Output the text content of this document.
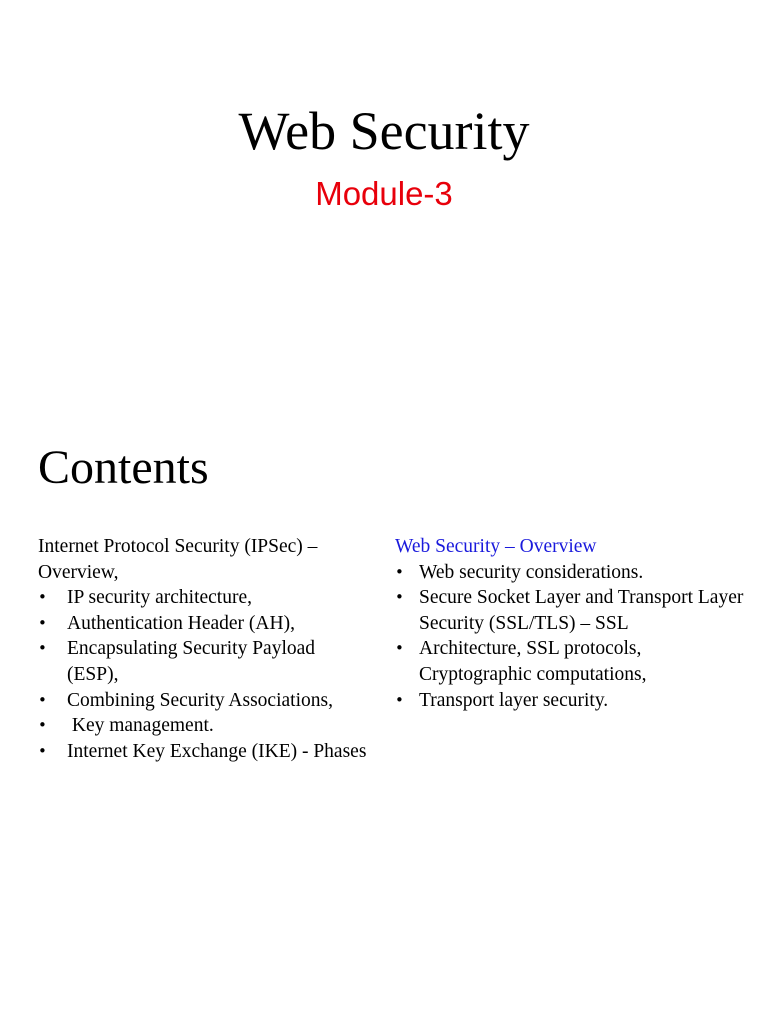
Web Security
Module-3
Contents
Internet Protocol Security (IPSec) – Overview,
• IP security architecture,
• Authentication Header (AH),
• Encapsulating Security Payload (ESP),
• Combining Security Associations,
• Key management.
• Internet Key Exchange (IKE) - Phases
Web Security – Overview
• Web security considerations.
• Secure Socket Layer and Transport Layer Security (SSL/TLS) – SSL
• Architecture, SSL protocols, Cryptographic computations,
• Transport layer security.
